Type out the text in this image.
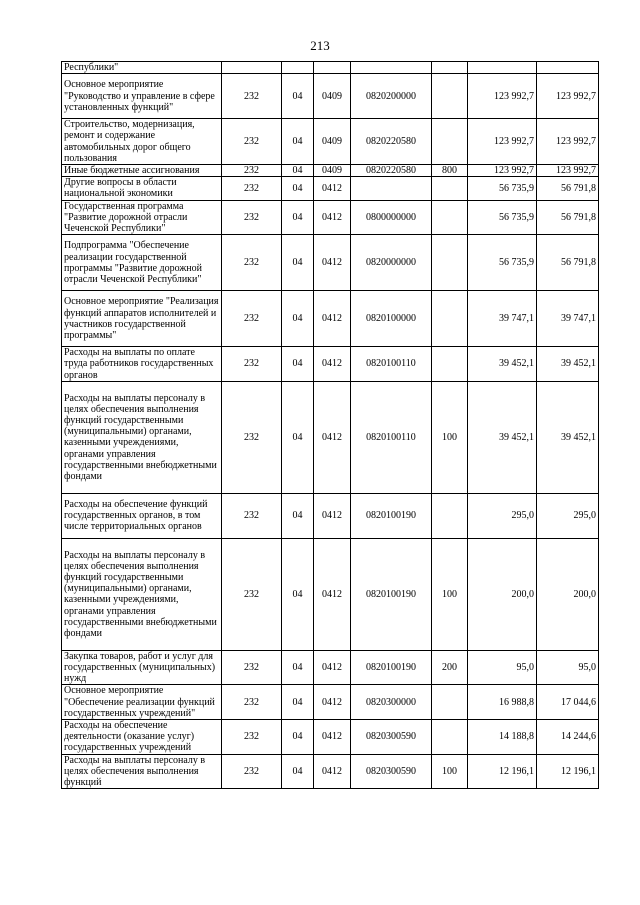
213
Республики"							
Основное мероприятие "Руководство и управление в сфере установленных функций"	232	04	0409	0820200000		123 992,7	123 992,7
Строительство, модернизация, ремонт и содержание автомобильных дорог общего пользования	232	04	0409	0820220580		123 992,7	123 992,7
Иные бюджетные ассигнования	232	04	0409	0820220580	800	123 992,7	123 992,7
Другие вопросы в области национальной экономики	232	04	0412			56 735,9	56 791,8
Государственная программа "Развитие дорожной отрасли Чеченской Республики"	232	04	0412	0800000000		56 735,9	56 791,8
Подпрограмма "Обеспечение реализации государственной программы "Развитие дорожной отрасли Чеченской Республики"	232	04	0412	0820000000		56 735,9	56 791,8
Основное мероприятие "Реализация функций аппаратов исполнителей и участников государственной программы"	232	04	0412	0820100000		39 747,1	39 747,1
Расходы на выплаты по оплате труда работников государственных органов	232	04	0412	0820100110		39 452,1	39 452,1
Расходы на выплаты персоналу в целях обеспечения выполнения функций государственными (муниципальными) органами, казенными учреждениями, органами управления государственными внебюджетными фондами	232	04	0412	0820100110	100	39 452,1	39 452,1
Расходы на обеспечение функций государственных органов, в том числе территориальных органов	232	04	0412	0820100190		295,0	295,0
Расходы на выплаты персоналу в целях обеспечения выполнения функций государственными (муниципальными) органами, казенными учреждениями, органами управления государственными внебюджетными фондами	232	04	0412	0820100190	100	200,0	200,0
Закупка товаров, работ и услуг для государственных (муниципальных) нужд	232	04	0412	0820100190	200	95,0	95,0
Основное мероприятие "Обеспечение реализации функций государственных учреждений"	232	04	0412	0820300000		16 988,8	17 044,6
Расходы на обеспечение деятельности (оказание услуг) государственных учреждений	232	04	0412	0820300590		14 188,8	14 244,6
Расходы на выплаты персоналу в целях обеспечения выполнения функций	232	04	0412	0820300590	100	12 196,1	12 196,1
